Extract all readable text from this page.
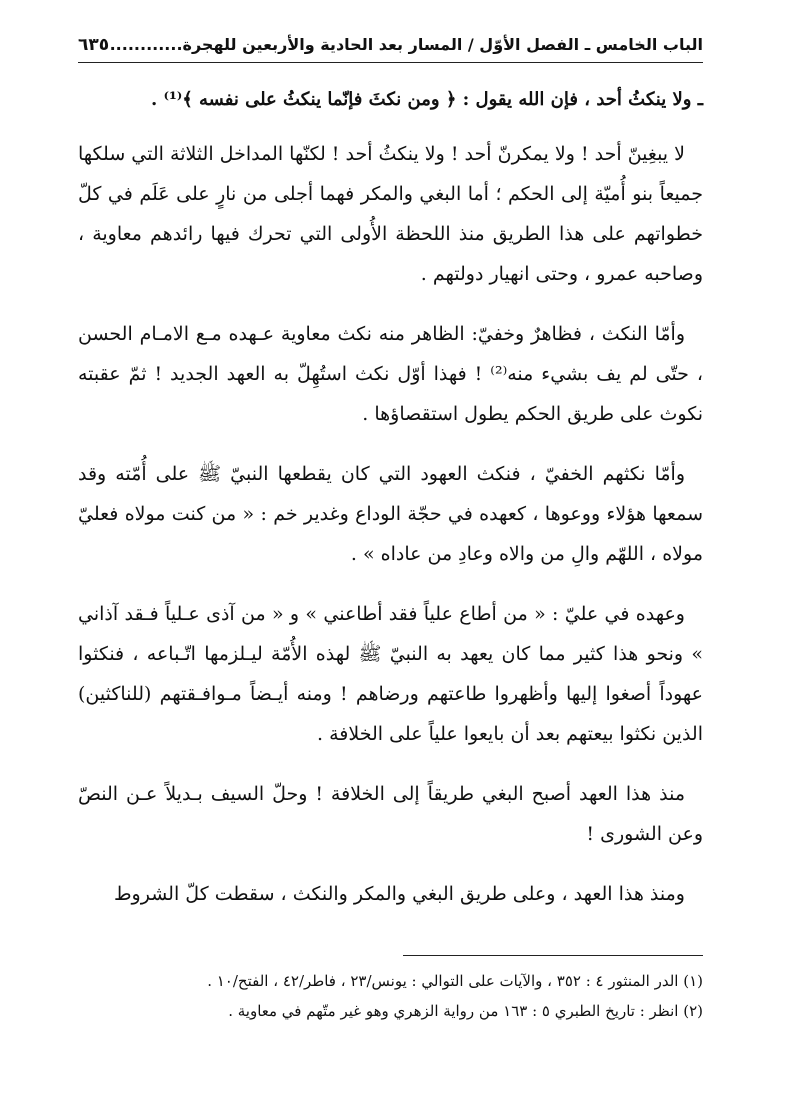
الباب الخامس ـ الفصل الأوّل / المسار بعد الحادية والأربعين للهجرة............
٦٣٥

ـ ولا ينكثُ أحد ، فإن الله يقول : ﴿ ومن نكثَ فإنّما ينكثُ على نفسه ﴾⁽¹⁾ .

لا يبغِينّ أحد ! ولا يمكرنّ أحد ! ولا ينكثُ أحد ! لكنّها المداخل الثلاثة التي سلكها جميعاً بنو أُميّة إلى الحكم ؛ أما البغي والمكر فهما أجلى من نارٍ على عَلَم في كلّ خطواتهم على هذا الطريق منذ اللحظة الأُولى التي تحرك فيها رائدهم معاوية ، وصاحبه عمرو ، وحتى انهيار دولتهم .

وأمّا النكث ، فظاهرٌ وخفيّ: الظاهر منه نكث معاوية عـهده مـع الامـام الحسن ، حتّى لم يف بشيء منه⁽²⁾ ! فهذا أوّل نكث استُهِلّ به العهد الجديد ! ثمّ عقبته نكوث على طريق الحكم يطول استقصاؤها .

وأمّا نكثهم الخفيّ ، فنكث العهود التي كان يقطعها النبيّ ﷺ على أُمّته وقد سمعها هؤلاء ووعوها ، كعهده في حجّة الوداع وغدير خم : « من كنت مولاه فعليّ مولاه ، اللهّم والِ من والاه وعادِ من عاداه » .

وعهده في عليّ : « من أطاع علياً فقد أطاعني » و « من آذى عـلياً فـقد آذاني » ونحو هذا كثير مما كان يعهد به النبيّ ﷺ لهذه الأُمّة ليـلزمها اتّـباعه ، فنكثوا عهوداً أصغوا إليها وأظهروا طاعتهم ورضاهم ! ومنه أيـضاً مـوافـقتهم (للناكثين) الذين نكثوا بيعتهم بعد أن بايعوا علياً على الخلافة .

منذ هذا العهد أصبح البغي طريقاً إلى الخلافة ! وحلّ السيف بـديلاً عـن النصّ وعن الشورى !

ومنذ هذا العهد ، وعلى طريق البغي والمكر والنكث ، سقطت كلّ الشروط

(١) الدر المنثور ٤ : ٣٥٢ ، والآيات على التوالي : يونس/٢٣ ، فاطر/٤٢ ، الفتح/١٠ .

(٢) انظر : تاريخ الطبري ٥ : ١٦٣ من رواية الزهري وهو غير متّهم في معاوية .
